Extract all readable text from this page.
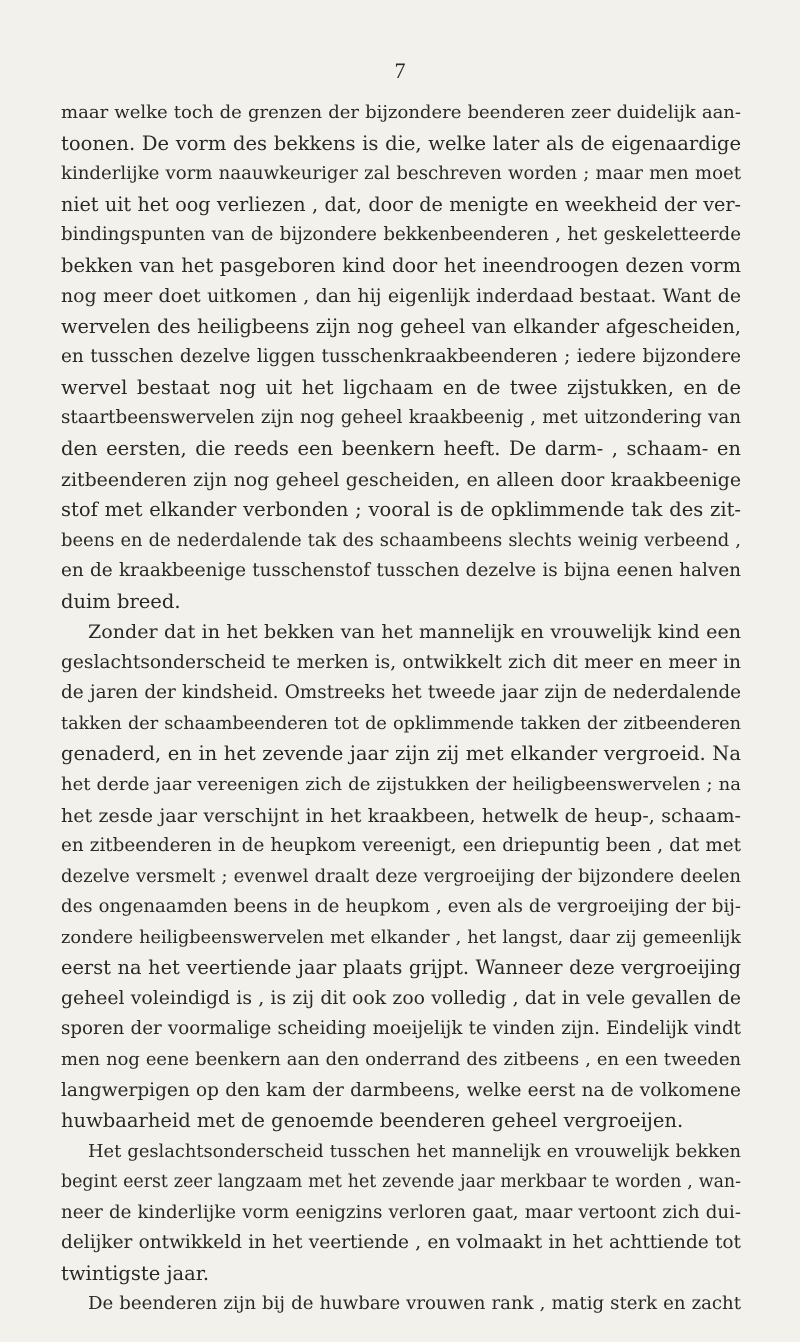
7
maar welke toch de grenzen der bijzondere beenderen zeer duidelijk aan-
toonen. De vorm des bekkens is die, welke later als de eigenaardige
kinderlijke vorm naauwkeuriger zal beschreven worden ; maar men moet
niet uit het oog verliezen , dat, door de menigte en weekheid der ver-
bindingspunten van de bijzondere bekkenbeenderen , het geskeletteerde
bekken van het pasgeboren kind door het ineendroogen dezen vorm
nog meer doet uitkomen , dan hij eigenlijk inderdaad bestaat. Want de
wervelen des heiligbeens zijn nog geheel van elkander afgescheiden,
en tusschen dezelve liggen tusschenkraakbeenderen ; iedere bijzondere
wervel bestaat nog uit het ligchaam en de twee zijstukken, en de
staartbeenswervelen zijn nog geheel kraakbeenig , met uitzondering van
den eersten, die reeds een beenkern heeft. De darm- , schaam- en
zitbeenderen zijn nog geheel gescheiden, en alleen door kraakbeenige
stof met elkander verbonden ; vooral is de opklimmende tak des zit-
beens en de nederdalende tak des schaambeens slechts weinig verbeend ,
en de kraakbeenige tusschenstof tusschen dezelve is bijna eenen halven
duim breed.
Zonder dat in het bekken van het mannelijk en vrouwelijk kind een
geslachtsonderscheid te merken is, ontwikkelt zich dit meer en meer in
de jaren der kindsheid. Omstreeks het tweede jaar zijn de nederdalende
takken der schaambeenderen tot de opklimmende takken der zitbeenderen
genaderd, en in het zevende jaar zijn zij met elkander vergroeid. Na
het derde jaar vereenigen zich de zijstukken der heiligbeenswervelen ; na
het zesde jaar verschijnt in het kraakbeen, hetwelk de heup-, schaam-
en zitbeenderen in de heupkom vereenigt, een driepuntig been , dat met
dezelve versmelt ; evenwel draalt deze vergroeijing der bijzondere deelen
des ongenaamden beens in de heupkom , even als de vergroeijing der bij-
zondere heiligbeenswervelen met elkander , het langst, daar zij gemeenlijk
eerst na het veertiende jaar plaats grijpt. Wanneer deze vergroeijing
geheel voleindigd is , is zij dit ook zoo volledig , dat in vele gevallen de
sporen der voormalige scheiding moeijelijk te vinden zijn. Eindelijk vindt
men nog eene beenkern aan den onderrand des zitbeens , en een tweeden
langwerpigen op den kam der darmbeens, welke eerst na de volkomene
huwbaarheid met de genoemde beenderen geheel vergroeijen.
Het geslachtsonderscheid tusschen het mannelijk en vrouwelijk bekken
begint eerst zeer langzaam met het zevende jaar merkbaar te worden , wan-
neer de kinderlijke vorm eenigzins verloren gaat, maar vertoont zich dui-
delijker ontwikkeld in het veertiende , en volmaakt in het achttiende tot
twintigste jaar.
De beenderen zijn bij de huwbare vrouwen rank , matig sterk en zacht
